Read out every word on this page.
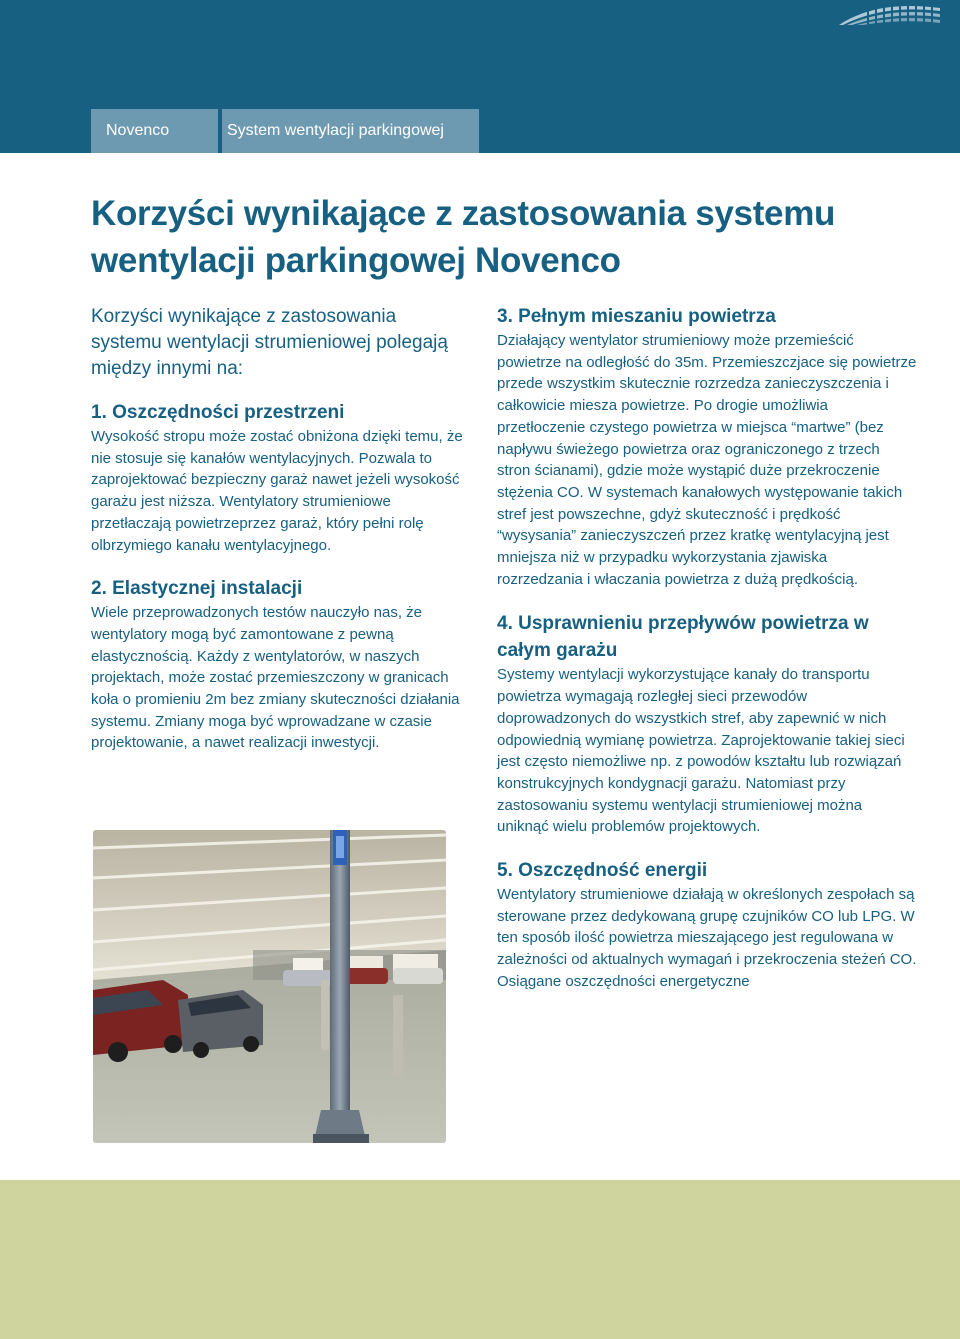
Novenco	System wentylacji parkingowej
Korzyści wynikające z zastosowania systemu wentylacji parkingowej Novenco

Korzyści wynikające z zastosowania systemu wentylacji strumieniowej polegają między innymi na:

1. Oszczędności przestrzeni

Wysokość stropu może zostać obniżona dzięki temu, że nie stosuje się kanałów wentylacyjnych. Pozwala to zaprojektować bezpieczny garaż nawet jeżeli wysokość garażu jest niższa. Wentylatory strumieniowe przetłaczają powietrzeprzez garaż, który pełni rolę olbrzymiego kanału wentylacyjnego.

2. Elastycznej instalacji

Wiele przeprowadzonych testów nauczyło nas, że wentylatory mogą być zamontowane z pewną elastycznością. Każdy z wentylatorów, w naszych projektach, może zostać przemieszczony w granicach koła o promieniu 2m bez zmiany skuteczności działania systemu. Zmiany moga być wprowadzane w czasie projektowanie, a nawet realizacji inwestycji.

3. Pełnym mieszaniu powietrza

Działający wentylator strumieniowy może przemieścić powietrze na odległość do 35m. Przemieszczjace się powietrze przede wszystkim skutecznie rozrzedza zanieczyszczenia i całkowicie miesza powietrze. Po drogie umożliwia przetłoczenie czystego powietrza w miejsca “martwe” (bez napływu świeżego powietrza oraz ograniczonego z trzech stron ścianami), gdzie może wystąpić duże przekroczenie stężenia CO. W systemach kanałowych występowanie takich stref jest powszechne, gdyż skuteczność i prędkość “wysysania” zanieczyszczeń przez kratkę wentylacyjną jest mniejsza niż w przypadku wykorzystania zjawiska rozrzedzania i właczania powietrza z dużą prędkością.

4. Usprawnieniu przepływów powietrza w całym garażu

Systemy wentylacji wykorzystujące kanały do transportu powietrza wymagają rozległej sieci przewodów doprowadzonych do wszystkich stref, aby zapewnić w nich odpowiednią wymianę powietrza. Zaprojektowanie takiej sieci jest często niemożliwe np. z powodów kształtu lub rozwiązań konstrukcyjnych kondygnacji garażu. Natomiast przy zastosowaniu systemu wentylacji strumieniowej można uniknąć wielu problemów projektowych.

5. Oszczędność energii

Wentylatory strumieniowe działają w określonych zespołach są sterowane przez dedykowaną grupę czujników CO lub LPG. W ten sposób ilość powietrza mieszającego jest regulowana w zależności od aktualnych wymagań i przekroczenia steżeń CO. Osiągane oszczędności energetyczne
